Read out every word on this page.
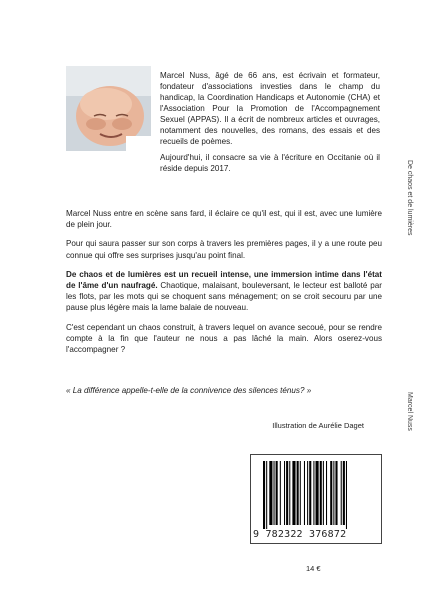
Marcel Nuss, âgé de 66 ans, est écrivain et formateur, fondateur d'associations investies dans le champ du handicap, la Coordination Handicaps et Autonomie (CHA) et l'Association Pour la Promotion de l'Accompagnement Sexuel (APPAS). Il a écrit de nombreux articles et ouvrages, notamment des nouvelles, des romans, des essais et des recueils de poèmes.

Aujourd'hui, il consacre sa vie à l'écriture en Occitanie où il réside depuis 2017.

Marcel Nuss entre en scène sans fard, il éclaire ce qu'il est, qui il est, avec une lumière de plein jour.

Pour qui saura passer sur son corps à travers les premières pages, il y a une route peu connue qui offre ses surprises jusqu'au point final.

De chaos et de lumières est un recueil intense, une immersion intime dans l'état de l'âme d'un naufragé. Chaotique, malaisant, bouleversant, le lecteur est balloté par les flots, par les mots qui se choquent sans ménagement; on se croit secouru par une pause plus légère mais la lame balaie de nouveau.

C'est cependant un chaos construit, à travers lequel on avance secoué, pour se rendre compte à la fin que l'auteur ne nous a pas lâché la main. Alors oserez-vous l'accompagner ?

« La différence appelle-t-elle de la connivence des silences ténus? »
Illustration de Aurélie Daget
9 782322 376872
14 €
De chaos et de lumières
Marcel Nuss
